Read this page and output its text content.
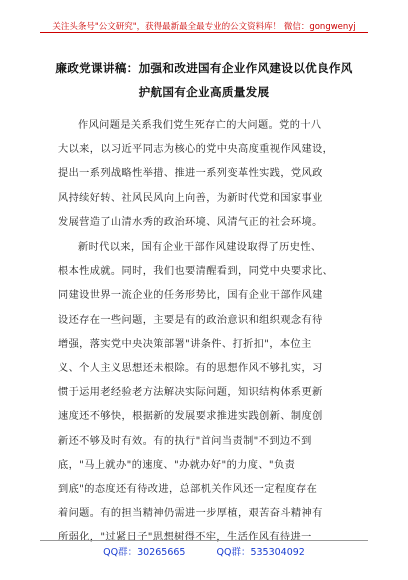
关注头条号"公文研究"，获得最新最全最专业的公文资料库！ 微信：gongwenyj
廉政党课讲稿：加强和改进国有企业作风建设以优良作风
护航国有企业高质量发展
作风问题是关系我们党生死存亡的大问题。党的十八
大以来，以习近平同志为核心的党中央高度重视作风建设，
提出一系列战略性举措、推进一系列变革性实践，党风政
风持续好转、社风民风向上向善，为新时代党和国家事业
发展营造了山清水秀的政治环境、风清气正的社会环境。
新时代以来，国有企业干部作风建设取得了历史性、
根本性成就。同时，我们也要清醒看到，同党中央要求比、
同建设世界一流企业的任务形势比，国有企业干部作风建
设还存在一些问题，主要是有的政治意识和组织观念有待
增强，落实党中央决策部署"讲条件、打折扣"，本位主
义、个人主义思想还未根除。有的思想作风不够扎实，习
惯于运用老经验老方法解决实际问题，知识结构体系更新
速度还不够快，根据新的发展要求推进实践创新、制度创
新还不够及时有效。有的执行"首问当责制"不到边不到
底，"马上就办"的速度、"办就办好"的力度、"负责
到底"的态度还有待改进，总部机关作风还一定程度存在
着问题。有的担当精神仍需进一步厚植，艰苦奋斗精神有
所弱化，"过紧日子"思想树得不牢，生活作风有待进一
QQ群：30265665	QQ群：535304092
